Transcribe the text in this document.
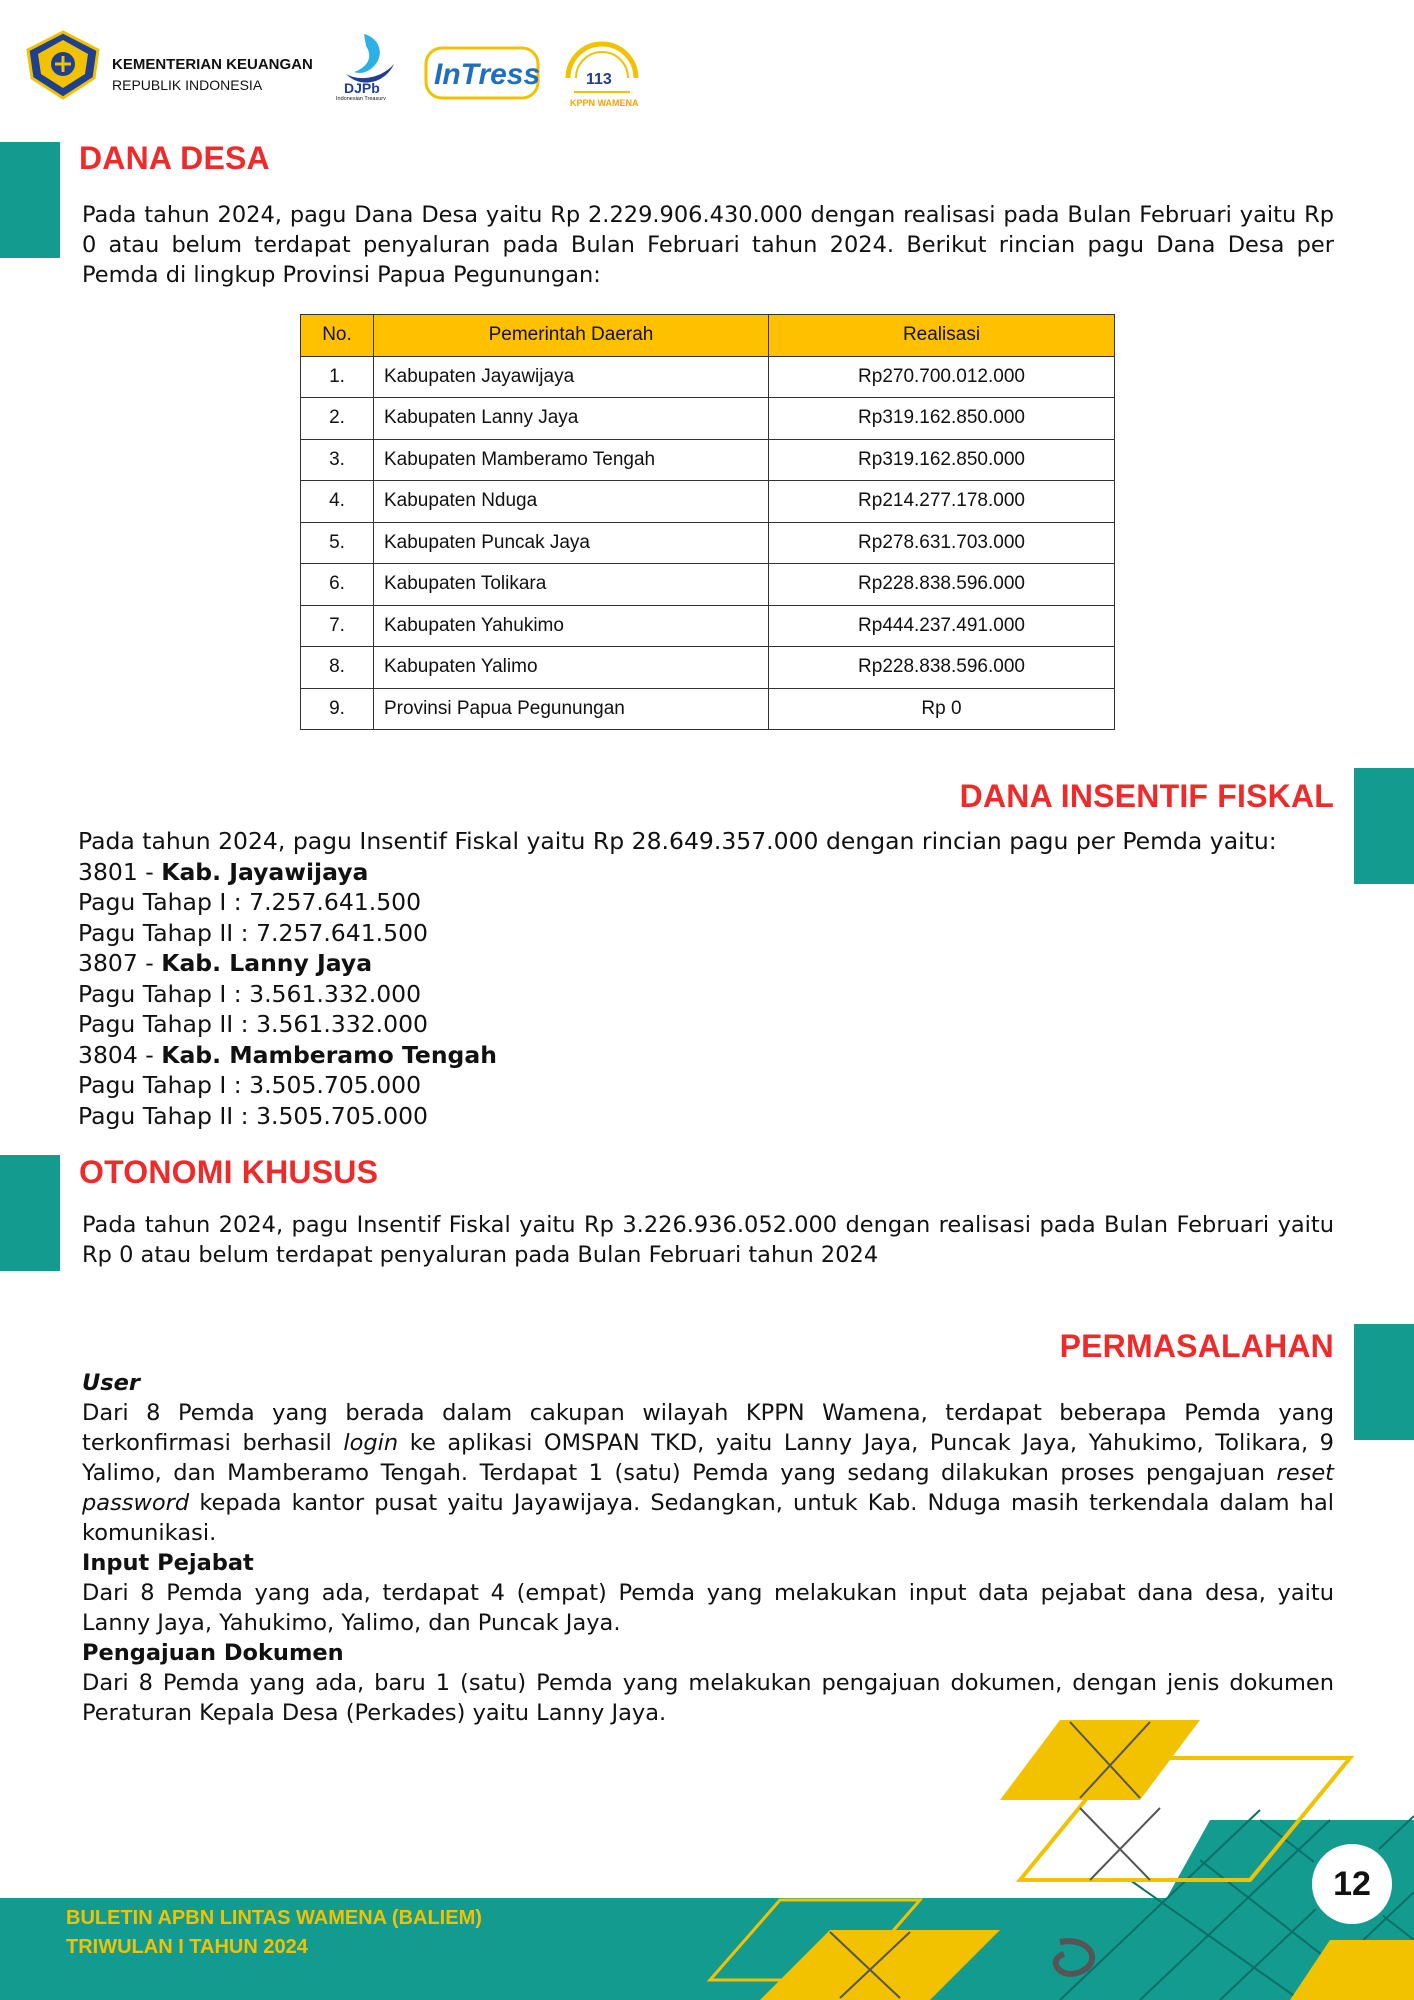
KEMENTERIAN KEUANGAN
REPUBLIK INDONESIA	DJPb
Indonesian Treasury
InTress	113
KPPN WAMENA
DANA DESA
Pada tahun 2024, pagu Dana Desa yaitu Rp 2.229.906.430.000 dengan realisasi pada Bulan Februari yaitu Rp 0 atau belum terdapat penyaluran pada Bulan Februari tahun 2024. Berikut rincian pagu Dana Desa per Pemda di lingkup Provinsi Papua Pegunungan:
No.	Pemerintah Daerah	Realisasi
1.	Kabupaten Jayawijaya	Rp270.700.012.000
2.	Kabupaten Lanny Jaya	Rp319.162.850.000
3.	Kabupaten Mamberamo Tengah	Rp319.162.850.000
4.	Kabupaten Nduga	Rp214.277.178.000
5.	Kabupaten Puncak Jaya	Rp278.631.703.000
6.	Kabupaten Tolikara	Rp228.838.596.000
7.	Kabupaten Yahukimo	Rp444.237.491.000
8.	Kabupaten Yalimo	Rp228.838.596.000
9.	Provinsi Papua Pegunungan	Rp 0
DANA INSENTIF FISKAL
Pada tahun 2024, pagu Insentif Fiskal yaitu Rp 28.649.357.000 dengan rincian pagu per Pemda yaitu:
3801 - Kab. Jayawijaya
Pagu Tahap I : 7.257.641.500
Pagu Tahap II : 7.257.641.500
3807 - Kab. Lanny Jaya
Pagu Tahap I : 3.561.332.000
Pagu Tahap II : 3.561.332.000
3804 - Kab. Mamberamo Tengah
Pagu Tahap I : 3.505.705.000
Pagu Tahap II : 3.505.705.000
OTONOMI KHUSUS
Pada tahun 2024, pagu Insentif Fiskal yaitu Rp 3.226.936.052.000 dengan realisasi pada Bulan Februari yaitu Rp 0 atau belum terdapat penyaluran pada Bulan Februari tahun 2024
PERMASALAHAN
User
Dari 8 Pemda yang berada dalam cakupan wilayah KPPN Wamena, terdapat beberapa Pemda yang terkonfirmasi berhasil login ke aplikasi OMSPAN TKD, yaitu Lanny Jaya, Puncak Jaya, Yahukimo, Tolikara, 9 Yalimo, dan Mamberamo Tengah. Terdapat 1 (satu) Pemda yang sedang dilakukan proses pengajuan reset password kepada kantor pusat yaitu Jayawijaya. Sedangkan, untuk Kab. Nduga masih terkendala dalam hal komunikasi.
Input Pejabat
Dari 8 Pemda yang ada, terdapat 4 (empat) Pemda yang melakukan input data pejabat dana desa, yaitu Lanny Jaya, Yahukimo, Yalimo, dan Puncak Jaya.
Pengajuan Dokumen
Dari 8 Pemda yang ada, baru 1 (satu) Pemda yang melakukan pengajuan dokumen, dengan jenis dokumen Peraturan Kepala Desa (Perkades) yaitu Lanny Jaya.
12
BULETIN APBN LINTAS WAMENA (BALIEM)
TRIWULAN I TAHUN 2024
